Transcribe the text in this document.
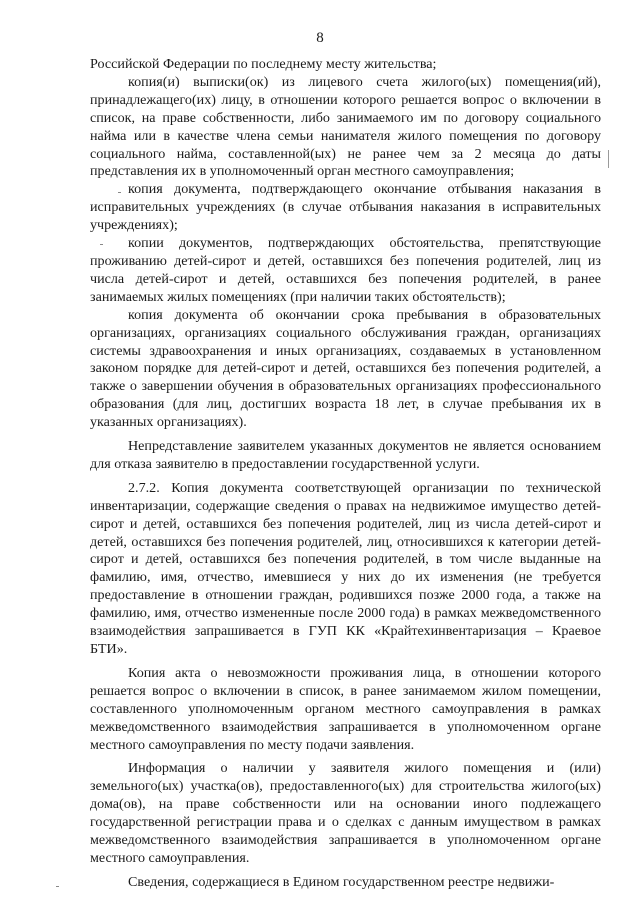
8

Российской Федерации по последнему месту жительства;

копия(и) выписки(ок) из лицевого счета жилого(ых) помещения(ий), принадлежащего(их) лицу, в отношении которого решается вопрос о включении в список, на праве собственности, либо занимаемого им по договору социального найма или в качестве члена семьи нанимателя жилого помещения по договору социального найма, составленной(ых) не ранее чем за 2 месяца до даты представления их в уполномоченный орган местного самоуправления;

копия документа, подтверждающего окончание отбывания наказания в исправительных учреждениях (в случае отбывания наказания в исправительных учреждениях);

копии документов, подтверждающих обстоятельства, препятствующие проживанию детей-сирот и детей, оставшихся без попечения родителей, лиц из числа детей-сирот и детей, оставшихся без попечения родителей, в ранее занимаемых жилых помещениях (при наличии таких обстоятельств);

копия документа об окончании срока пребывания в образовательных организациях, организациях социального обслуживания граждан, организациях системы здравоохранения и иных организациях, создаваемых в установленном законом порядке для детей-сирот и детей, оставшихся без попечения родителей, а также о завершении обучения в образовательных организациях профессионального образования (для лиц, достигших возраста 18 лет, в случае пребывания их в указанных организациях).

Непредставление заявителем указанных документов не является основанием для отказа заявителю в предоставлении государственной услуги.

2.7.2. Копия документа соответствующей организации по технической инвентаризации, содержащие сведения о правах на недвижимое имущество детей-сирот и детей, оставшихся без попечения родителей, лиц из числа детей-сирот и детей, оставшихся без попечения родителей, лиц, относившихся к категории детей-сирот и детей, оставшихся без попечения родителей, в том числе выданные на фамилию, имя, отчество, имевшиеся у них до их изменения (не требуется предоставление в отношении граждан, родившихся позже 2000 года, а также на фамилию, имя, отчество измененные после 2000 года) в рамках межведомственного взаимодействия запрашивается в ГУП КК «Крайтехинвентаризация – Краевое БТИ».

Копия акта о невозможности проживания лица, в отношении которого решается вопрос о включении в список, в ранее занимаемом жилом помещении, составленного уполномоченным органом местного самоуправления в рамках межведомственного взаимодействия запрашивается в уполномоченном органе местного самоуправления по месту подачи заявления.

Информация о наличии у заявителя жилого помещения и (или) земельного(ых) участка(ов), предоставленного(ых) для строительства жилого(ых) дома(ов), на праве собственности или на основании иного подлежащего государственной регистрации права и о сделках с данным имуществом в рамках межведомственного взаимодействия запрашивается в уполномоченном органе местного самоуправления.

Сведения, содержащиеся в Едином государственном реестре недвижи-
